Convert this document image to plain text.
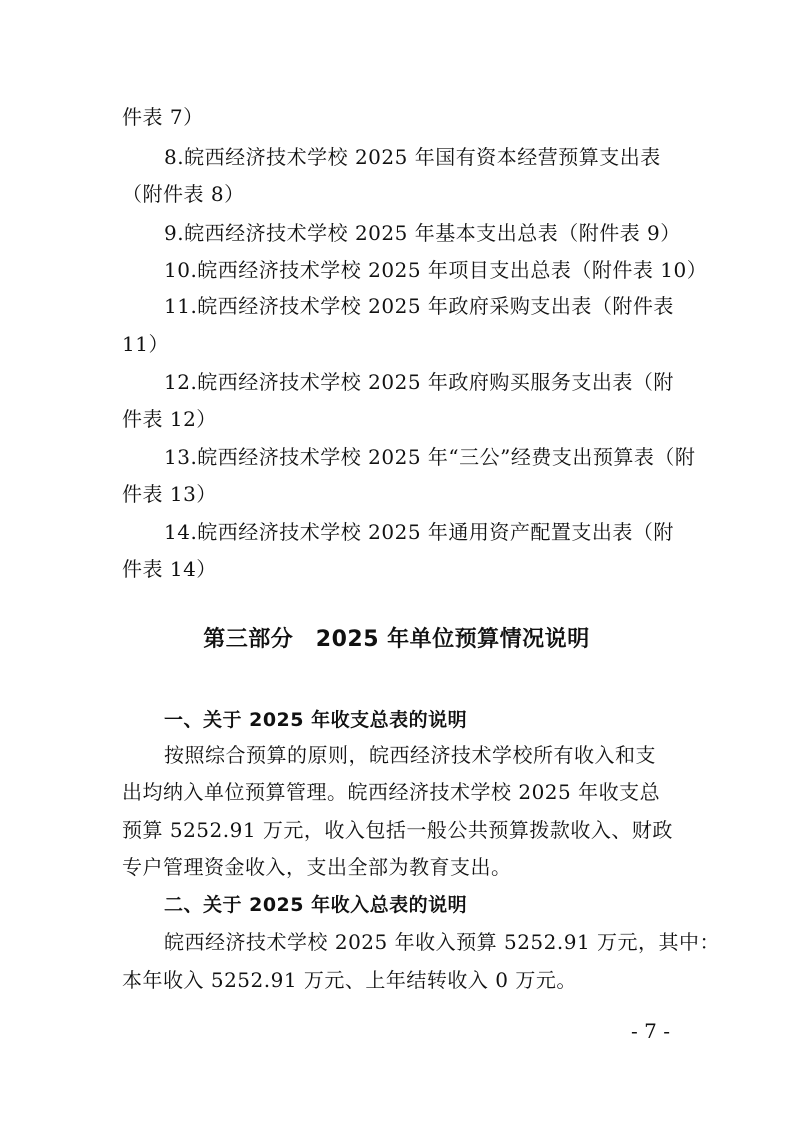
件表 7）
8.皖西经济技术学校 2025 年国有资本经营预算支出表
（附件表 8）
9.皖西经济技术学校 2025 年基本支出总表（附件表 9）
10.皖西经济技术学校 2025 年项目支出总表（附件表 10）
11.皖西经济技术学校 2025 年政府采购支出表（附件表
11）
12.皖西经济技术学校 2025 年政府购买服务支出表（附
件表 12）
13.皖西经济技术学校 2025 年“三公”经费支出预算表（附
件表 13）
14.皖西经济技术学校 2025 年通用资产配置支出表（附
件表 14）
第三部分　2025 年单位预算情况说明
一、关于 2025 年收支总表的说明
按照综合预算的原则，皖西经济技术学校所有收入和支
出均纳入单位预算管理。皖西经济技术学校 2025 年收支总
预算 5252.91 万元，收入包括一般公共预算拨款收入、财政
专户管理资金收入，支出全部为教育支出。
二、关于 2025 年收入总表的说明
皖西经济技术学校 2025 年收入预算 5252.91 万元，其中：
本年收入 5252.91 万元、上年结转收入 0 万元。
- 7 -
